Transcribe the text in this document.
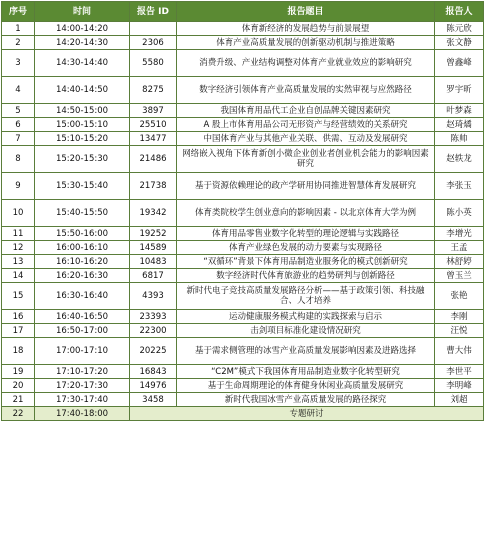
序号	时间	报告 ID	报告题目	报告人
1	14:00-14:20		体育新经济的发展趋势与前景展望	陈元欣
2	14:20-14:30	2306	体育产业高质量发展的创新驱动机制与推进策略	张文静
3	14:30-14:40	5580	消费升级、产业结构调整对体育产业就业效应的影响研究	曾鑫峰
4	14:40-14:50	8275	数字经济引领体育产业高质量发展的实然审视与应然路径	罗宇昕
5	14:50-15:00	3897	我国体育用品代工企业自创品牌关键因素研究	叶梦森
6	15:00-15:10	25510	A 股上市体育用品公司无形资产与经营绩效的关系研究	赵琦燏
7	15:10-15:20	13477	中国体育产业与其他产业关联、供需、互动及发展研究	陈帅
8	15:20-15:30	21486	网络嵌入视角下体育新创小微企业创业者创业机会能力的影响因素研究	赵轶龙
9	15:30-15:40	21738	基于资源依赖理论的政产学研用协同推进智慧体育发展研究	李张玉
10	15:40-15:50	19342	体育类院校学生创业意向的影响因素 - 以北京体育大学为例	陈小英
11	15:50-16:00	19252	体育用品零售业数字化转型的理论逻辑与实践路径	李增光
12	16:00-16:10	14589	体育产业绿色发展的动力要素与实现路径	王孟
13	16:10-16:20	10483	“双循环”背景下体育用品制造业服务化的模式创新研究	林舒婷
14	16:20-16:30	6817	数字经济时代体育旅游业的趋势研判与创新路径	曾玉兰
15	16:30-16:40	4393	新时代电子竞技高质量发展路径分析——基于政策引领、科技融合、人才培养	张艳
16	16:40-16:50	23393	运动健康服务模式构建的实践探索与启示	李刚
17	16:50-17:00	22300	击剑项目标准化建设情况研究	汪悦
18	17:00-17:10	20225	基于需求侧管理的冰雪产业高质量发展影响因素及进路选择	曹大伟
19	17:10-17:20	16843	“C2M”模式下我国体育用品制造业数字化转型研究	李世平
20	17:20-17:30	14976	基于生命周期理论的体育健身休闲业高质量发展研究	李明峰
21	17:30-17:40	3458	新时代我国冰雪产业高质量发展的路径探究	刘超
22	17:40-18:00	专题研讨		
